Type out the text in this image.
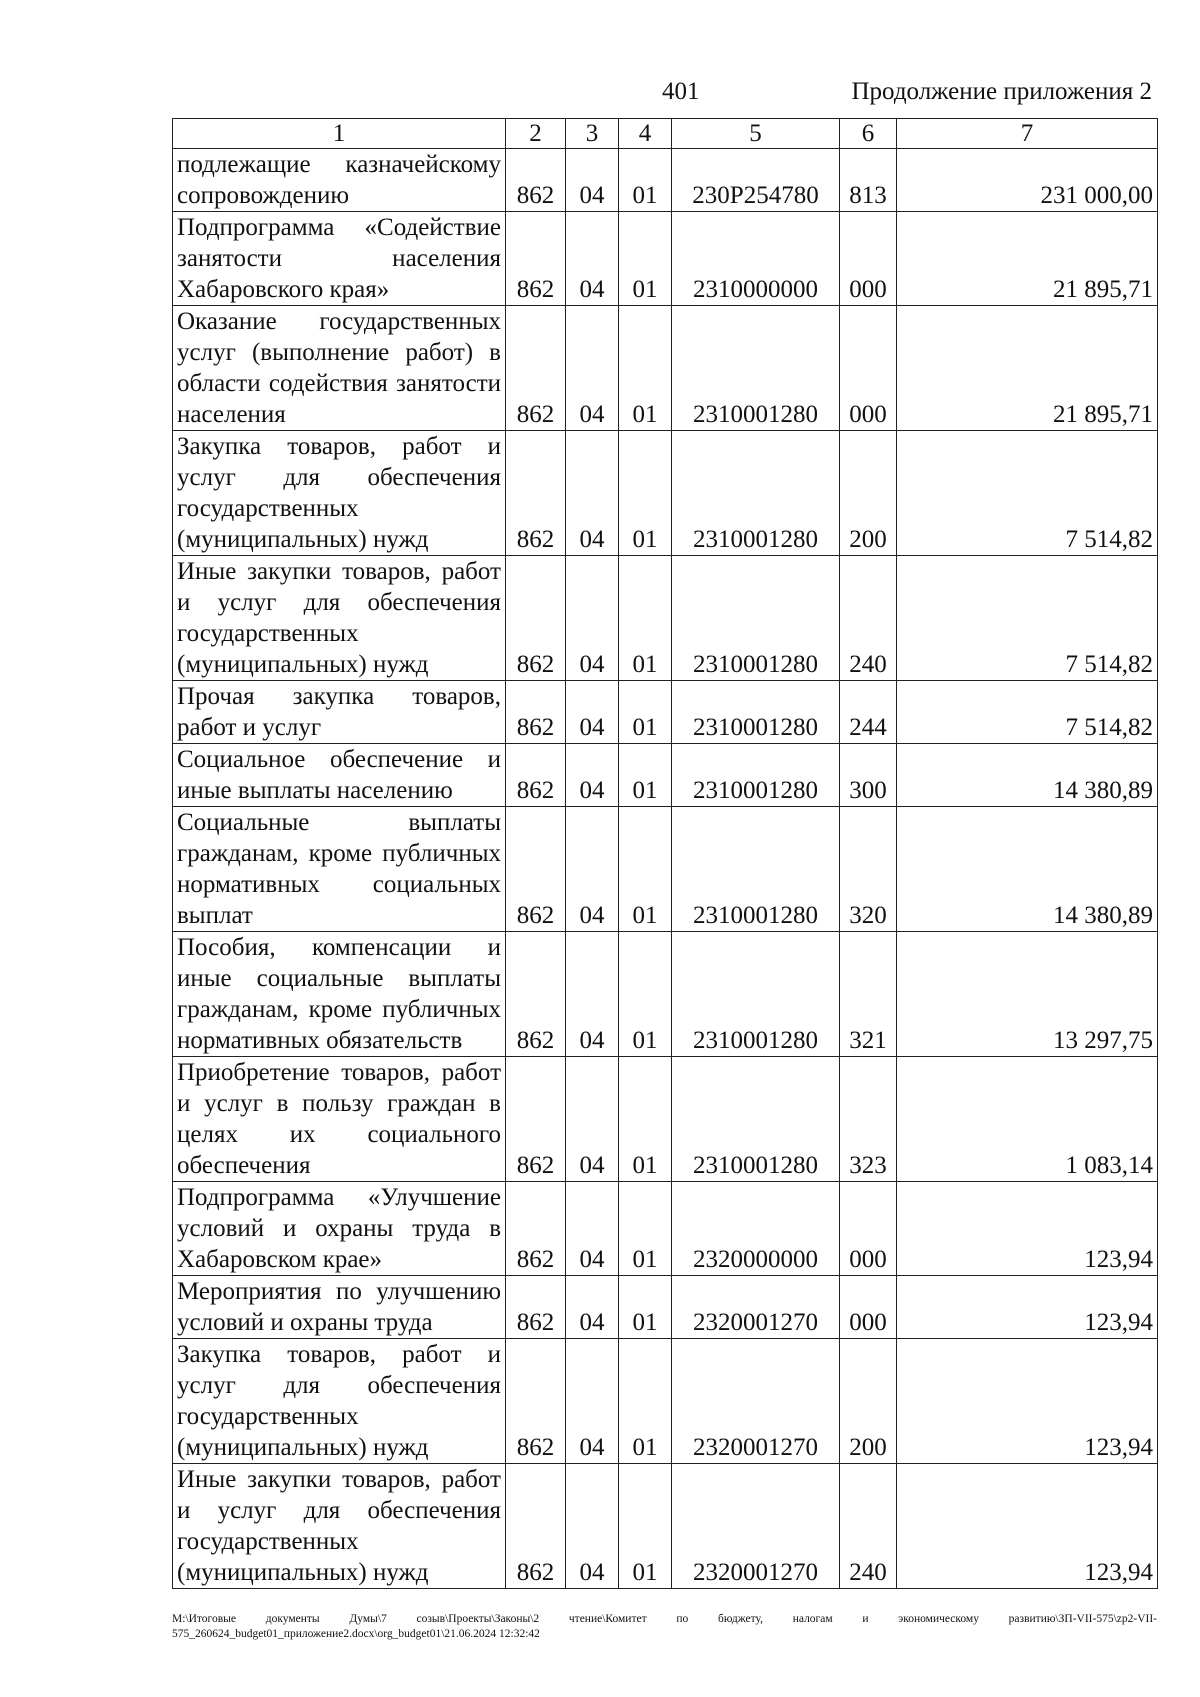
401	Продолжение приложения 2
1	2	3	4	5	6	7
подлежащие казначейскому сопровождению	862	04	01	230Р254780	813	231 000,00
Подпрограмма «Содействие занятости населения Хабаровского края»	862	04	01	2310000000	000	21 895,71
Оказание государственных услуг (выполнение работ) в области содействия занятости населения	862	04	01	2310001280	000	21 895,71
Закупка товаров, работ и услуг для обеспечения государственных (муниципальных) нужд	862	04	01	2310001280	200	7 514,82
Иные закупки товаров, работ и услуг для обеспечения государственных (муниципальных) нужд	862	04	01	2310001280	240	7 514,82
Прочая закупка товаров, работ и услуг	862	04	01	2310001280	244	7 514,82
Социальное обеспечение и иные выплаты населению	862	04	01	2310001280	300	14 380,89
Социальные выплаты гражданам, кроме публичных нормативных социальных выплат	862	04	01	2310001280	320	14 380,89
Пособия, компенсации и иные социальные выплаты гражданам, кроме публичных нормативных обязательств	862	04	01	2310001280	321	13 297,75
Приобретение товаров, работ и услуг в пользу граждан в целях их социального обеспечения	862	04	01	2310001280	323	1 083,14
Подпрограмма «Улучшение условий и охраны труда в Хабаровском крае»	862	04	01	2320000000	000	123,94
Мероприятия по улучшению условий и охраны труда	862	04	01	2320001270	000	123,94
Закупка товаров, работ и услуг для обеспечения государственных (муниципальных) нужд	862	04	01	2320001270	200	123,94
Иные закупки товаров, работ и услуг для обеспечения государственных (муниципальных) нужд	862	04	01	2320001270	240	123,94
M:\Итоговые документы Думы\7 созыв\Проекты\Законы\2 чтение\Комитет по бюджету, налогам и экономическому развитию\ЗП-VII-575\zp2-VII-575_260624_budget01_приложение2.docx\org_budget01\21.06.2024 12:32:42
